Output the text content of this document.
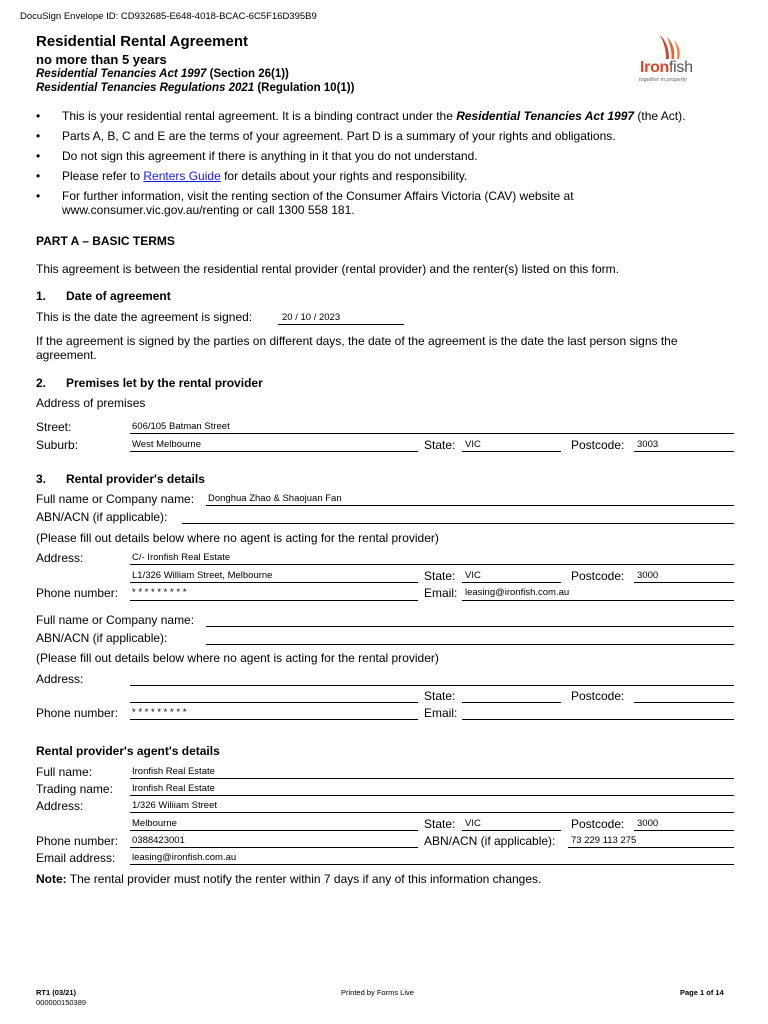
DocuSign Envelope ID: CD932685-E648-4018-BCAC-6C5F16D395B9
Residential Rental Agreement
no more than 5 years
Residential Tenancies Act 1997 (Section 26(1))
Residential Tenancies Regulations 2021 (Regulation 10(1))
Ironfish
together in property
• This is your residential rental agreement. It is a binding contract under the Residential Tenancies Act 1997 (the Act).
• Parts A, B, C and E are the terms of your agreement. Part D is a summary of your rights and obligations.
• Do not sign this agreement if there is anything in it that you do not understand.
• Please refer to Renters Guide for details about your rights and responsibility.
• For further information, visit the renting section of the Consumer Affairs Victoria (CAV) website at
www.consumer.vic.gov.au/renting or call 1300 558 181.
PART A – BASIC TERMS
This agreement is between the residential rental provider (rental provider) and the renter(s) listed on this form.
1. Date of agreement
This is the date the agreement is signed:	20 / 10 / 2023
If the agreement is signed by the parties on different days, the date of the agreement is the date the last person signs the
agreement.
2. Premises let by the rental provider
Address of premises
Street:	606/105 Batman Street
Suburb:	West Melbourne	State: VIC	Postcode: 3003
3. Rental provider's details
Full name or Company name: Donghua Zhao & Shaojuan Fan
ABN/ACN (if applicable):
(Please fill out details below where no agent is acting for the rental provider)
Address:	C/- Ironfish Real Estate
L1/326 William Street, Melbourne	State: VIC	Postcode: 3000
Phone number: * * * * * * * * *	Email: leasing@ironfish.com.au
Full name or Company name:
ABN/ACN (if applicable):
(Please fill out details below where no agent is acting for the rental provider)
Address:
State:	Postcode:
Phone number: * * * * * * * * *	Email:
Rental provider's agent's details
Full name:	Ironfish Real Estate
Trading name: Ironfish Real Estate
Address:	1/326 Wiliiam Street
Melbourne	State: VIC	Postcode: 3000
Phone number: 0388423001	ABN/ACN (if applicable): 73 229 113 275
Email address: leasing@ironfish.com.au
Note: The rental provider must notify the renter within 7 days if any of this information changes.
RT1 (03/21)
000000150389
Printed by Forms Live	Page 1 of 14
